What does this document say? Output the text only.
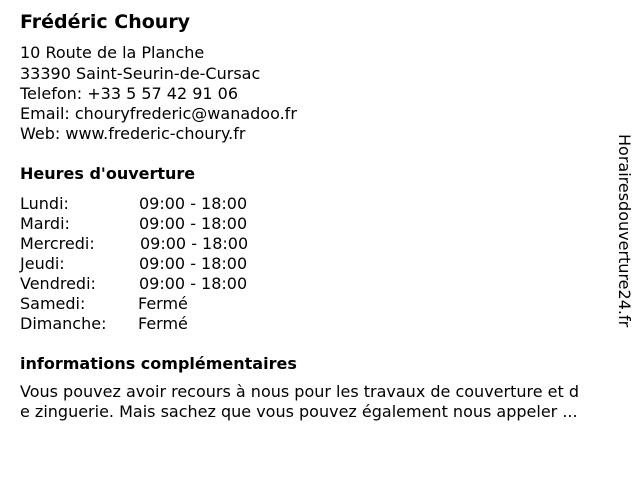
Frédéric Choury
10 Route de la Planche
33390 Saint-Seurin-de-Cursac
Telefon: +33 5 57 42 91 06
Email: chouryfrederic@wanadoo.fr
Web: www.frederic-choury.fr
Heures d'ouverture
Lundi:	09:00 - 18:00
Mardi:	09:00 - 18:00
Mercredi:	09:00 - 18:00
Jeudi:	09:00 - 18:00
Vendredi:	09:00 - 18:00
Samedi:	Fermé
Dimanche: Fermé
informations complémentaires
Vous pouvez avoir recours à nous pour les travaux de couverture et d
e zinguerie. Mais sachez que vous pouvez également nous appeler ...
Horairesdouverture24.fr
